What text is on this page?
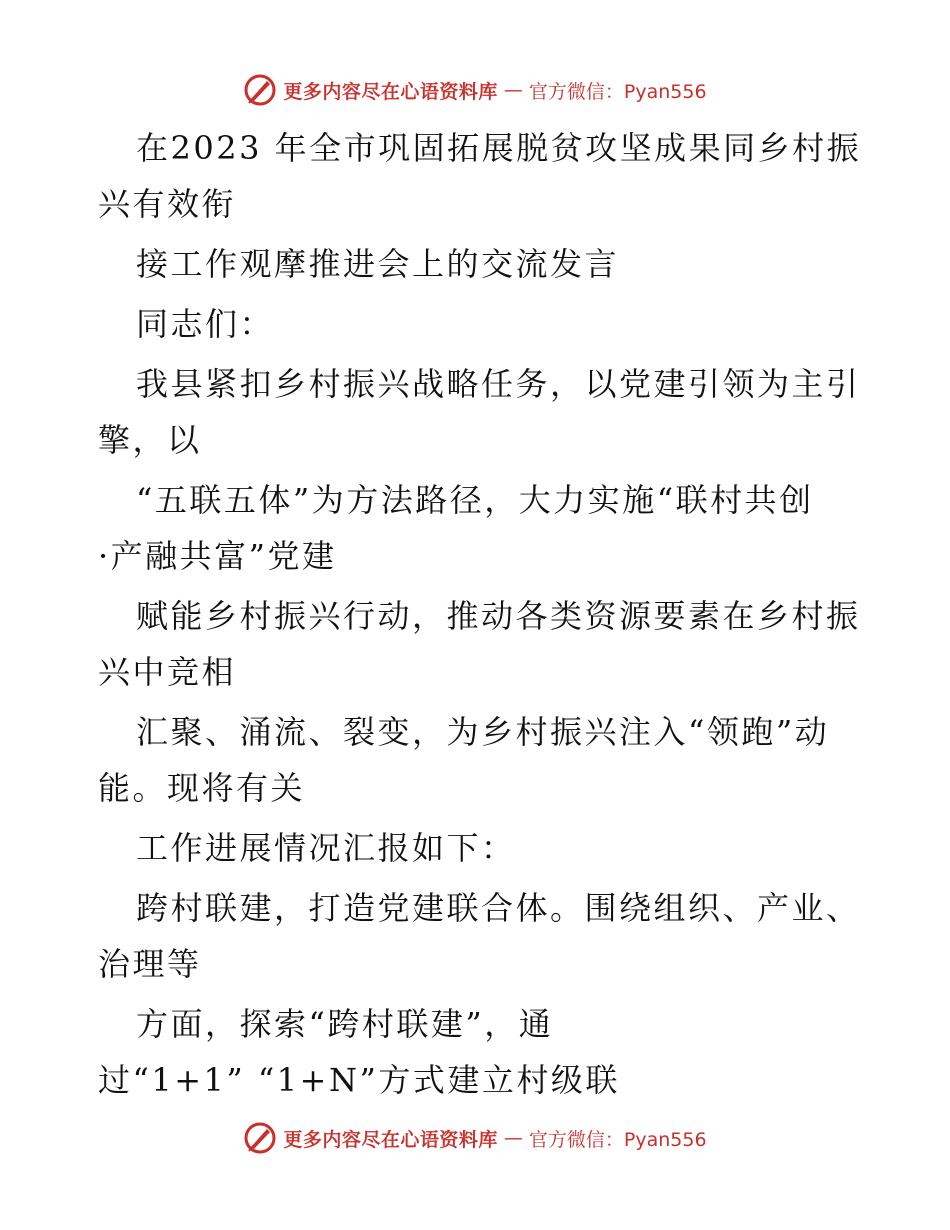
更多内容尽在心语资料库 — 官方微信：Pyan556
在2023 年全市巩固拓展脱贫攻坚成果同乡村振
兴有效衔
接工作观摩推进会上的交流发言
同志们：
我县紧扣乡村振兴战略任务，以党建引领为主引
擎，以
“五联五体”为方法路径，大力实施“联村共创
·产融共富”党建
赋能乡村振兴行动，推动各类资源要素在乡村振
兴中竞相
汇聚、涌流、裂变，为乡村振兴注入“领跑”动
能。现将有关
工作进展情况汇报如下：
跨村联建，打造党建联合体。围绕组织、产业、
治理等
方面，探索“跨村联建”，通
过“1+1” “1+N”方式建立村级联
更多内容尽在心语资料库 — 官方微信：Pyan556
